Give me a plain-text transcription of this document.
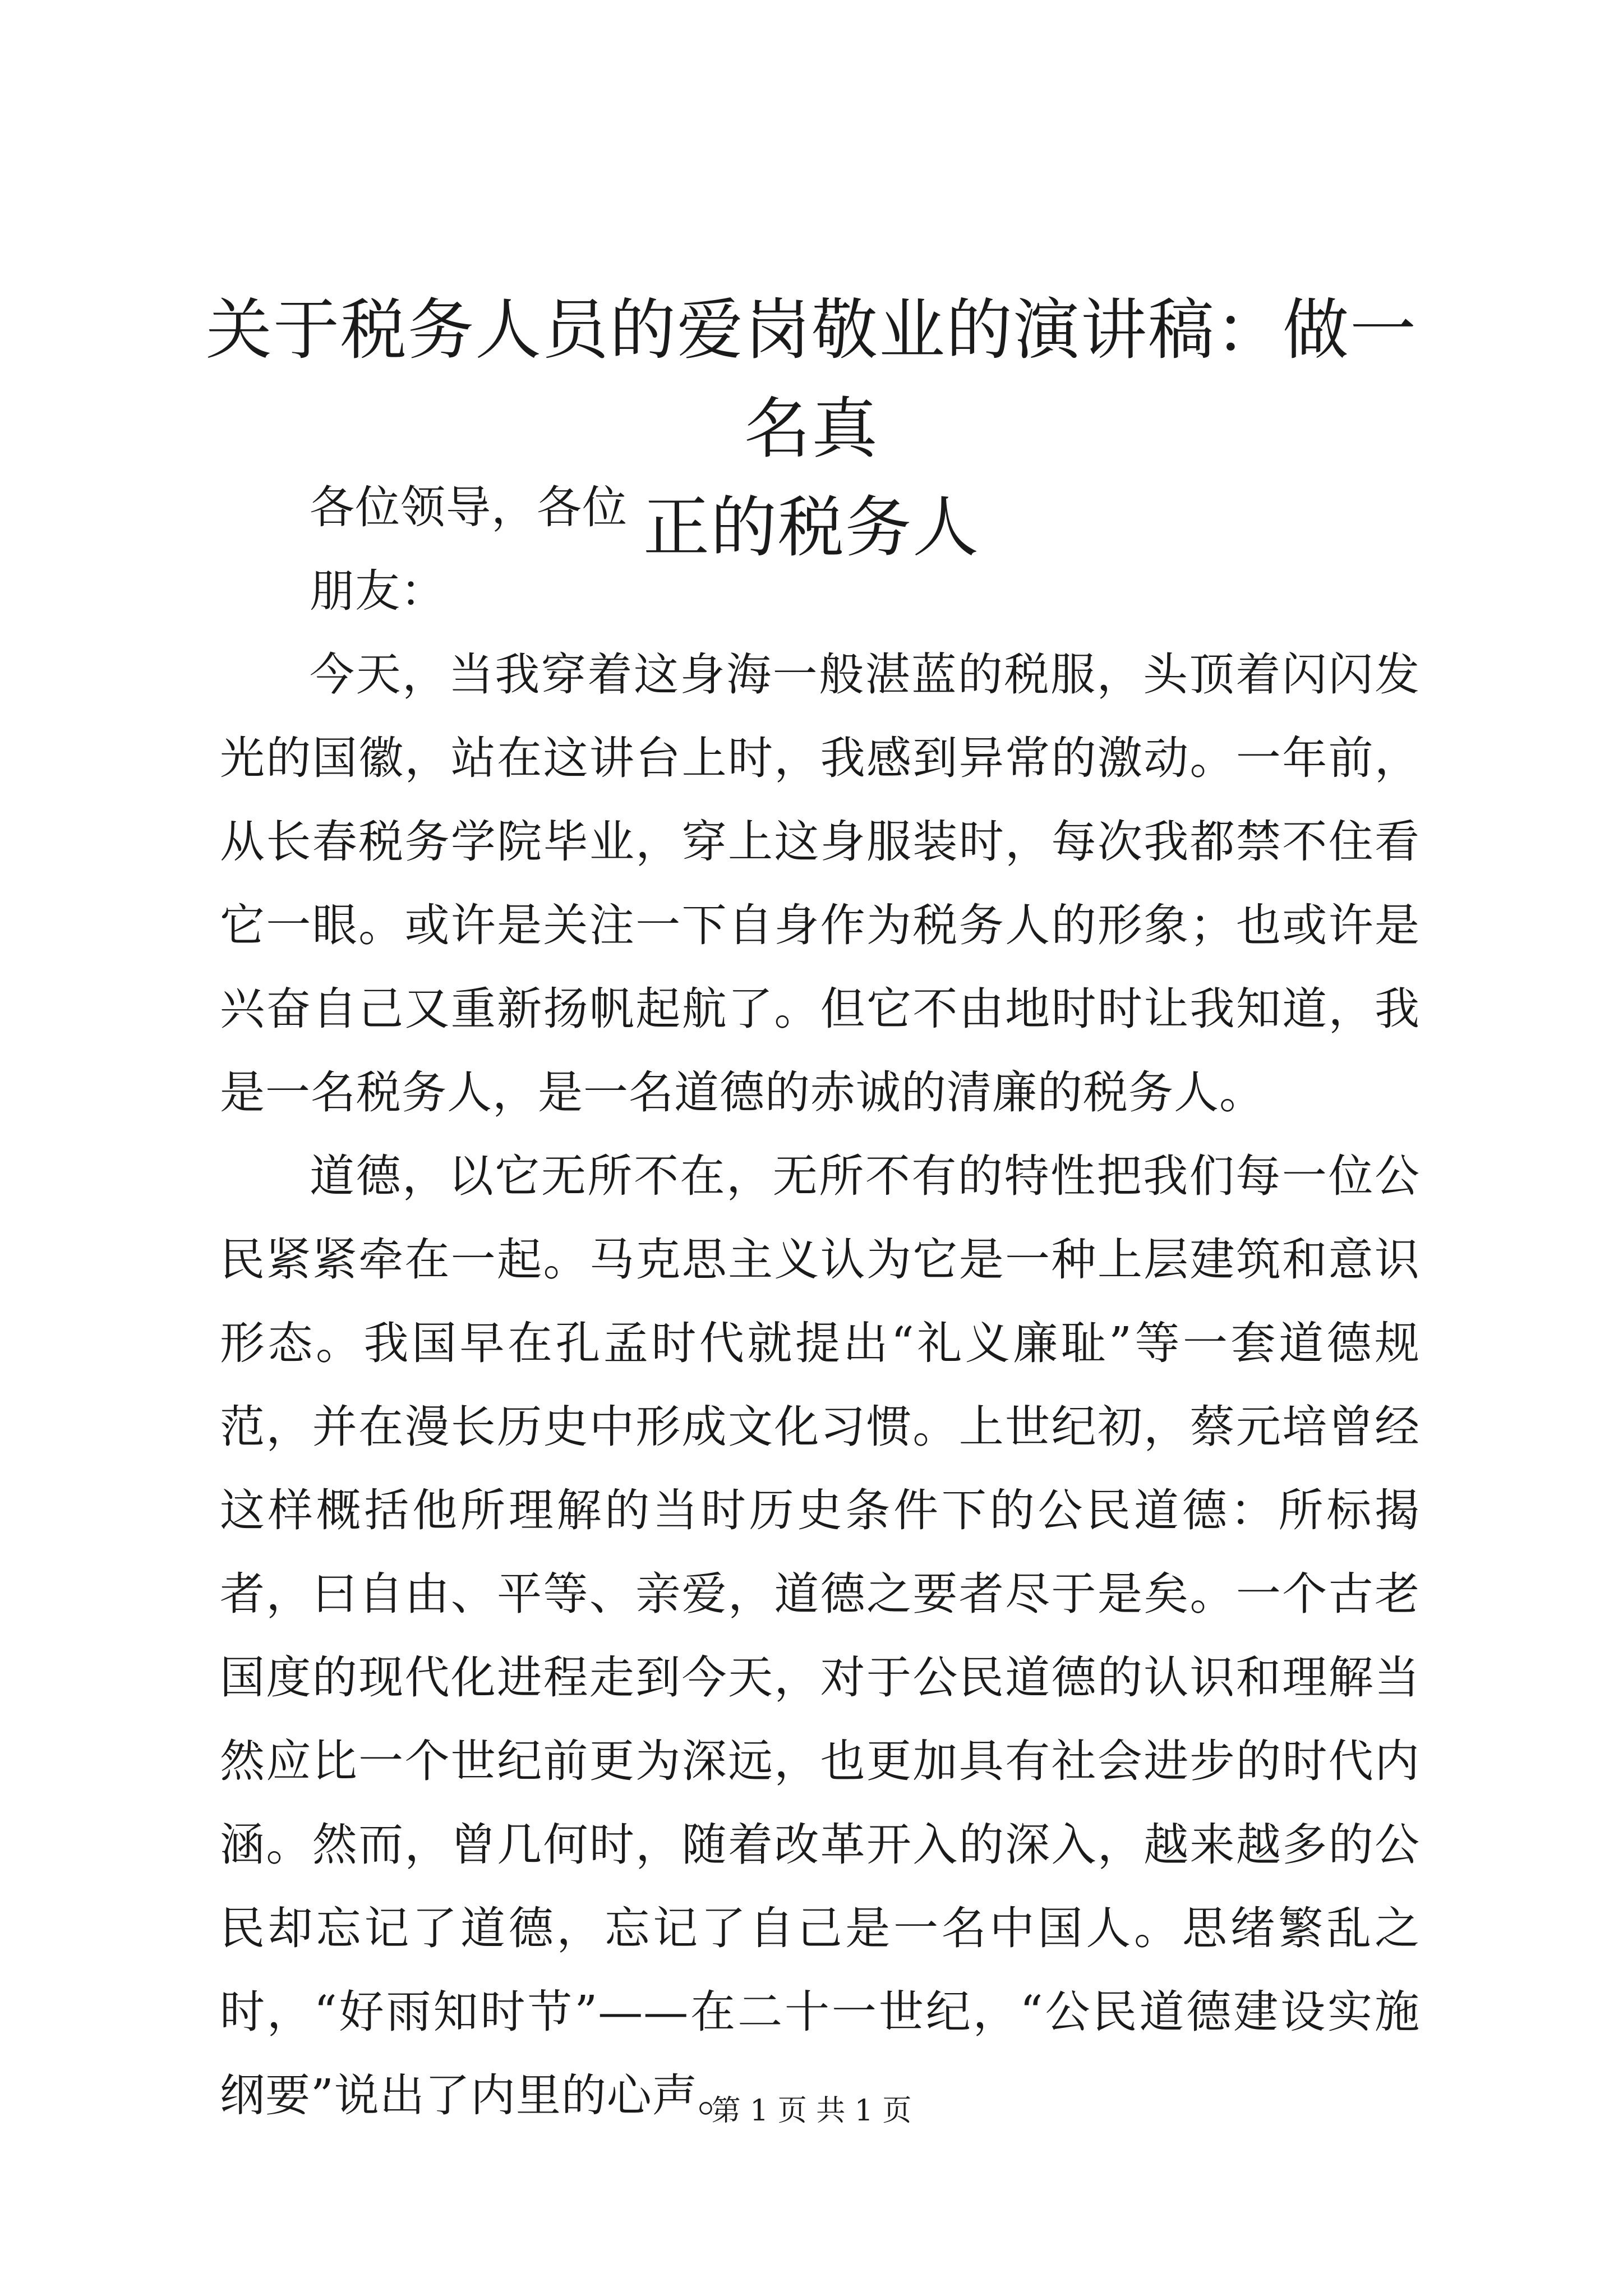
关于税务人员的爱岗敬业的演讲稿：做一名真
正的税务人

各位领导，各位

朋友：

今天，当我穿着这身海一般湛蓝的税服，头顶着闪闪发光的国徽，站在这讲台上时，我感到异常的激动。一年前，从长春税务学院毕业，穿上这身服装时，每次我都禁不住看它一眼。或许是关注一下自身作为税务人的形象；也或许是兴奋自己又重新扬帆起航了。但它不由地时时让我知道，我是一名税务人，是一名道德的赤诚的清廉的税务人。

道德，以它无所不在，无所不有的特性把我们每一位公民紧紧牵在一起。马克思主义认为它是一种上层建筑和意识形态。我国早在孔孟时代就提出“礼义廉耻”等一套道德规范，并在漫长历史中形成文化习惯。上世纪初，蔡元培曾经这样概括他所理解的当时历史条件下的公民道德：所标揭者，曰自由、平等、亲爱，道德之要者尽于是矣。一个古老国度的现代化进程走到今天，对于公民道德的认识和理解当然应比一个世纪前更为深远，也更加具有社会进步的时代内涵。然而，曾几何时，随着改革开入的深入，越来越多的公民却忘记了道德，忘记了自己是一名中国人。思绪繁乱之时，“好雨知时节”——在二十一世纪，“公民道德建设实施纲要”说出了内里的心声。

第 1 页 共 1 页
